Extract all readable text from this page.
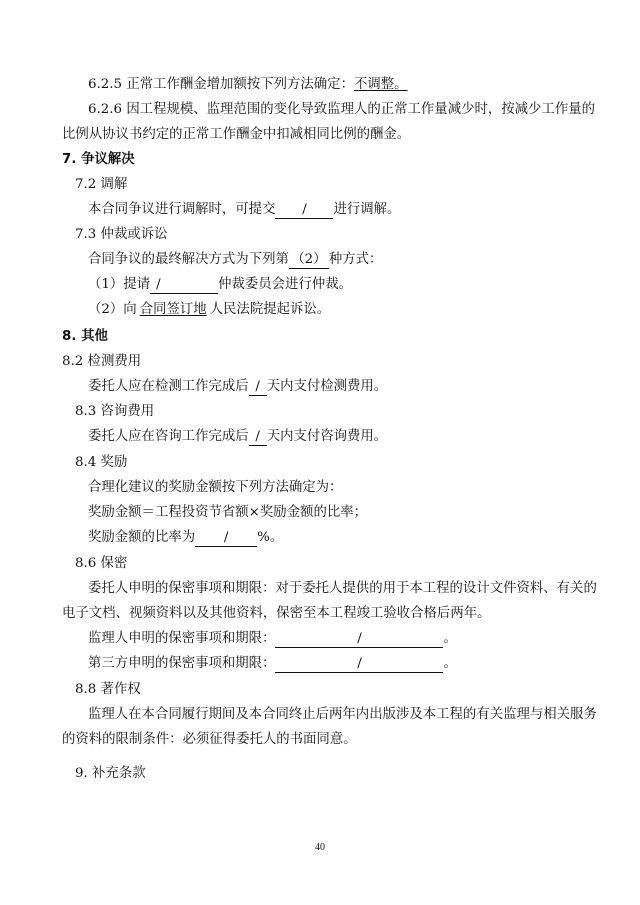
6.2.5 正常工作酬金增加额按下列方法确定：不调整。
6.2.6 因工程规模、监理范围的变化导致监理人的正常工作量减少时，按减少工作量的
比例从协议书约定的正常工作酬金中扣减相同比例的酬金。
7. 争议解决
7.2 调解
本合同争议进行调解时，可提交 / 进行调解。
7.3 仲裁或诉讼
合同争议的最终解决方式为下列第 （2） 种方式：
（1）提请 /	仲裁委员会进行仲裁。
（2）向 合同签订地 人民法院提起诉讼。
8. 其他
8.2 检测费用
委托人应在检测工作完成后 / 天内支付检测费用。
8.3 咨询费用
委托人应在咨询工作完成后 / 天内支付咨询费用。
8.4 奖励
合理化建议的奖励金额按下列方法确定为：
奖励金额＝工程投资节省额×奖励金额的比率；
奖励金额的比率为 / %。
8.6 保密
委托人申明的保密事项和期限：对于委托人提供的用于本工程的设计文件资料、有关的
电子文档、视频资料以及其他资料，保密至本工程竣工验收合格后两年。
监理人申明的保密事项和期限：	/	。
第三方申明的保密事项和期限：	/	。
8.8 著作权
监理人在本合同履行期间及本合同终止后两年内出版涉及本工程的有关监理与相关服务
的资料的限制条件：必须征得委托人的书面同意。
9. 补充条款
40
